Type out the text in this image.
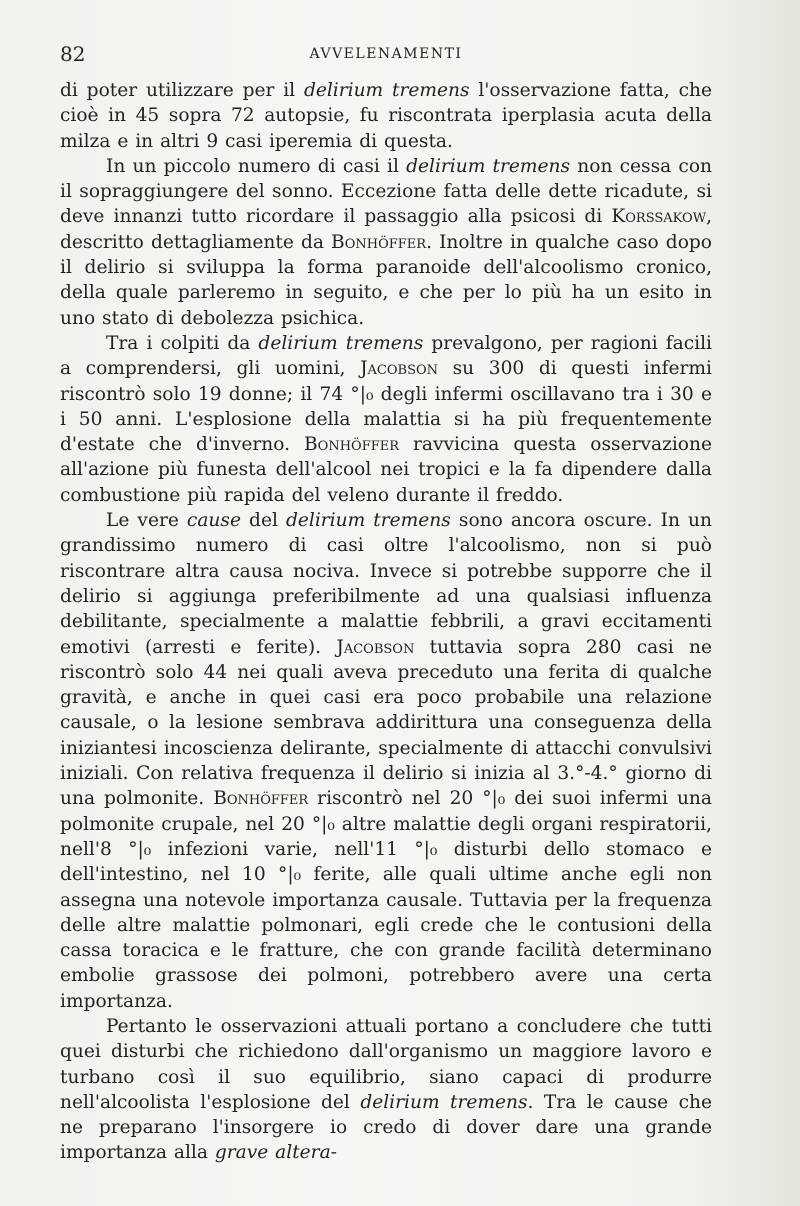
82	AVVELENAMENTI

di poter utilizzare per il delirium tremens l'osservazione fatta, che cioè in 45 sopra 72 autopsie, fu riscontrata iperplasia acuta della milza e in altri 9 casi iperemia di questa.

In un piccolo numero di casi il delirium tremens non cessa con il sopraggiungere del sonno. Eccezione fatta delle dette ricadute, si deve innanzi tutto ricordare il passaggio alla psicosi di Korssakow, descritto dettagliamente da Bonhöffer. Inoltre in qualche caso dopo il delirio si sviluppa la forma paranoide dell'alcoolismo cronico, della quale parleremo in seguito, e che per lo più ha un esito in uno stato di debolezza psichica.

Tra i colpiti da delirium tremens prevalgono, per ragioni facili a comprendersi, gli uomini, Jacobson su 300 di questi infermi riscontrò solo 19 donne; il 74 °|₀ degli infermi oscillavano tra i 30 e i 50 anni. L'esplosione della malattia si ha più frequentemente d'estate che d'inverno. Bonhöffer ravvicina questa osservazione all'azione più funesta dell'alcool nei tropici e la fa dipendere dalla combustione più rapida del veleno durante il freddo.

Le vere cause del delirium tremens sono ancora oscure. In un grandissimo numero di casi oltre l'alcoolismo, non si può riscontrare altra causa nociva. Invece si potrebbe supporre che il delirio si aggiunga preferibilmente ad una qualsiasi influenza debilitante, specialmente a malattie febbrili, a gravi eccitamenti emotivi (arresti e ferite). Jacobson tuttavia sopra 280 casi ne riscontrò solo 44 nei quali aveva preceduto una ferita di qualche gravità, e anche in quei casi era poco probabile una relazione causale, o la lesione sembrava addirittura una conseguenza della iniziantesi incoscienza delirante, specialmente di attacchi convulsivi iniziali. Con relativa frequenza il delirio si inizia al 3.°-4.° giorno di una polmonite. Bonhöffer riscontrò nel 20 °|₀ dei suoi infermi una polmonite crupale, nel 20 °|₀ altre malattie degli organi respiratorii, nell'8 °|₀ infezioni varie, nell'11 °|₀ disturbi dello stomaco e dell'intestino, nel 10 °|₀ ferite, alle quali ultime anche egli non assegna una notevole importanza causale. Tuttavia per la frequenza delle altre malattie polmonari, egli crede che le contusioni della cassa toracica e le fratture, che con grande facilità determinano embolie grassose dei polmoni, potrebbero avere una certa importanza.

Pertanto le osservazioni attuali portano a concludere che tutti quei disturbi che richiedono dall'organismo un maggiore lavoro e turbano così il suo equilibrio, siano capaci di produrre nell'alcoolista l'esplosione del delirium tremens. Tra le cause che ne preparano l'insorgere io credo di dover dare una grande importanza alla grave altera-
